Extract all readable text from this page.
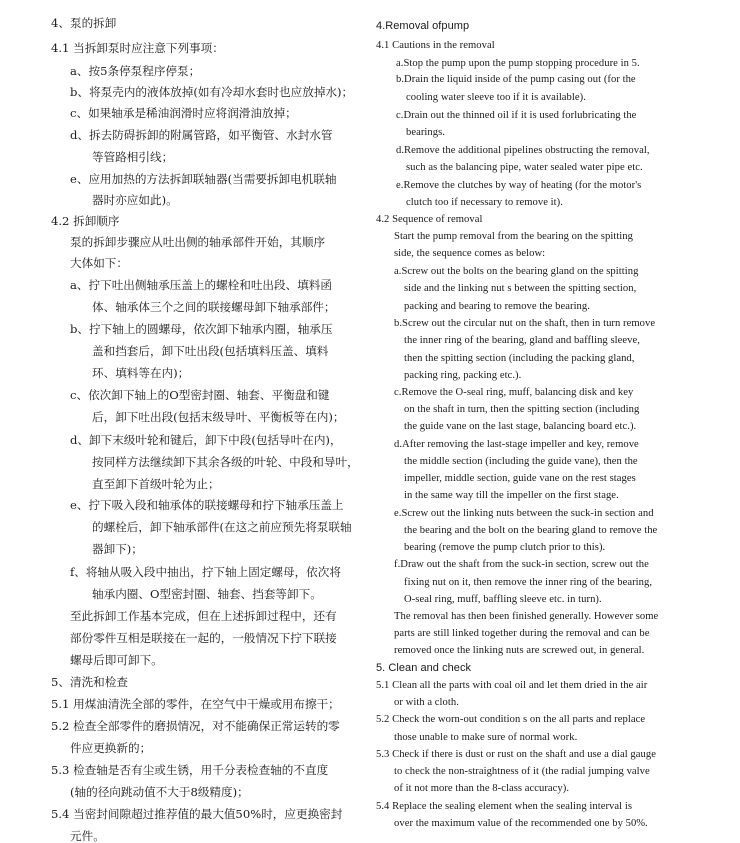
4、泵的拆卸
4.1 当拆卸泵时应注意下列事项：
a、按5条停泵程序停泵；
b、将泵壳内的液体放掉(如有冷却水套时也应放掉水)；
c、如果轴承是稀油润滑时应将润滑油放掉；
d、拆去防碍拆卸的附属管路，如平衡管、水封水管
等管路相引线；
e、应用加热的方法拆卸联轴器(当需要拆卸电机联轴
器时亦应如此)。
4.2 拆卸顺序
泵的拆卸步骤应从吐出侧的轴承部件开始，其顺序
大体如下：
a、拧下吐出侧轴承压盖上的螺栓和吐出段、填料函
体、轴承体三个之间的联接螺母卸下轴承部件；
b、拧下轴上的圆螺母，依次卸下轴承内圈，轴承压
盖和挡套后，卸下吐出段(包括填料压盖、填料
环、填料等在内)；
c、依次卸下轴上的O型密封圈、轴套、平衡盘和键
后，卸下吐出段(包括末级导叶、平衡板等在内)；
d、卸下末级叶轮和键后，卸下中段(包括导叶在内)，
按同样方法继续卸下其余各级的叶轮、中段和导叶，
直至卸下首级叶轮为止；
e、拧下吸入段和轴承体的联接螺母和拧下轴承压盖上
的螺栓后，卸下轴承部件(在这之前应预先将泵联轴
器卸下)；
f、将轴从吸入段中抽出，拧下轴上固定螺母，依次将
轴承内圈、O型密封圈、轴套、挡套等卸下。
至此拆卸工作基本完成，但在上述拆卸过程中，还有
部份零件互相是联接在一起的，一般情况下拧下联接
螺母后即可卸下。
5、清洗和检查
5.1 用煤油清洗全部的零件，在空气中干燥或用布擦干；
5.2 检查全部零件的磨损情况，对不能确保正常运转的零
件应更换新的；
5.3 检查轴是否有尘或生锈，用千分表检查轴的不直度
(轴的径向跳动值不大于8级精度)；
5.4 当密封间隙超过推荐值的最大值50%时，应更换密封
元件。
4.Removal ofpump
4.1 Cautions in the removal
a.Stop the pump upon the pump stopping procedure in 5.
b.Drain the liquid inside of the pump casing out (for the
cooling water sleeve too if it is available).
c.Drain out the thinned oil if it is used forlubricating the
bearings.
d.Remove the additional pipelines obstructing the removal,
such as the balancing pipe, water sealed water pipe etc.
e.Remove the clutches by way of heating (for the motor's
clutch too if necessary to remove it).
4.2 Sequence of removal
Start the pump removal from the bearing on the spitting
side, the sequence comes as below:
a.Screw out the bolts on the bearing gland on the spitting
side and the linking nut s between the spitting section,
packing and bearing to remove the bearing.
b.Screw out the circular nut on the shaft, then in turn remove
the inner ring of the bearing, gland and baffling sleeve,
then the spitting section (including the packing gland,
packing ring, packing etc.).
c.Remove the O-seal ring, muff, balancing disk and key
on the shaft in turn, then the spitting section (including
the guide vane on the last stage, balancing board etc.).
d.After removing the last-stage impeller and key, remove
the middle section (including the guide vane), then the
impeller, middle section, guide vane on the rest stages
in the same way till the impeller on the first stage.
e.Screw out the linking nuts between the suck-in section and
the bearing and the bolt on the bearing gland to remove the
bearing (remove the pump clutch prior to this).
f.Draw out the shaft from the suck-in section, screw out the
fixing nut on it, then remove the inner ring of the bearing,
O-seal ring, muff, baffling sleeve etc. in turn).
The removal has then been finished generally. However some
parts are still linked together during the removal and can be
removed once the linking nuts are screwed out, in general.
5. Clean and check
5.1 Clean all the parts with coal oil and let them dried in the air
or with a cloth.
5.2 Check the worn-out condition s on the all parts and replace
those unable to make sure of normal work.
5.3 Check if there is dust or rust on the shaft and use a dial gauge
to check the non-straightness of it (the radial jumping valve
of it not more than the 8-class accuracy).
5.4 Replace the sealing element when the sealing interval is
over the maximum value of the recommended one by 50%.
